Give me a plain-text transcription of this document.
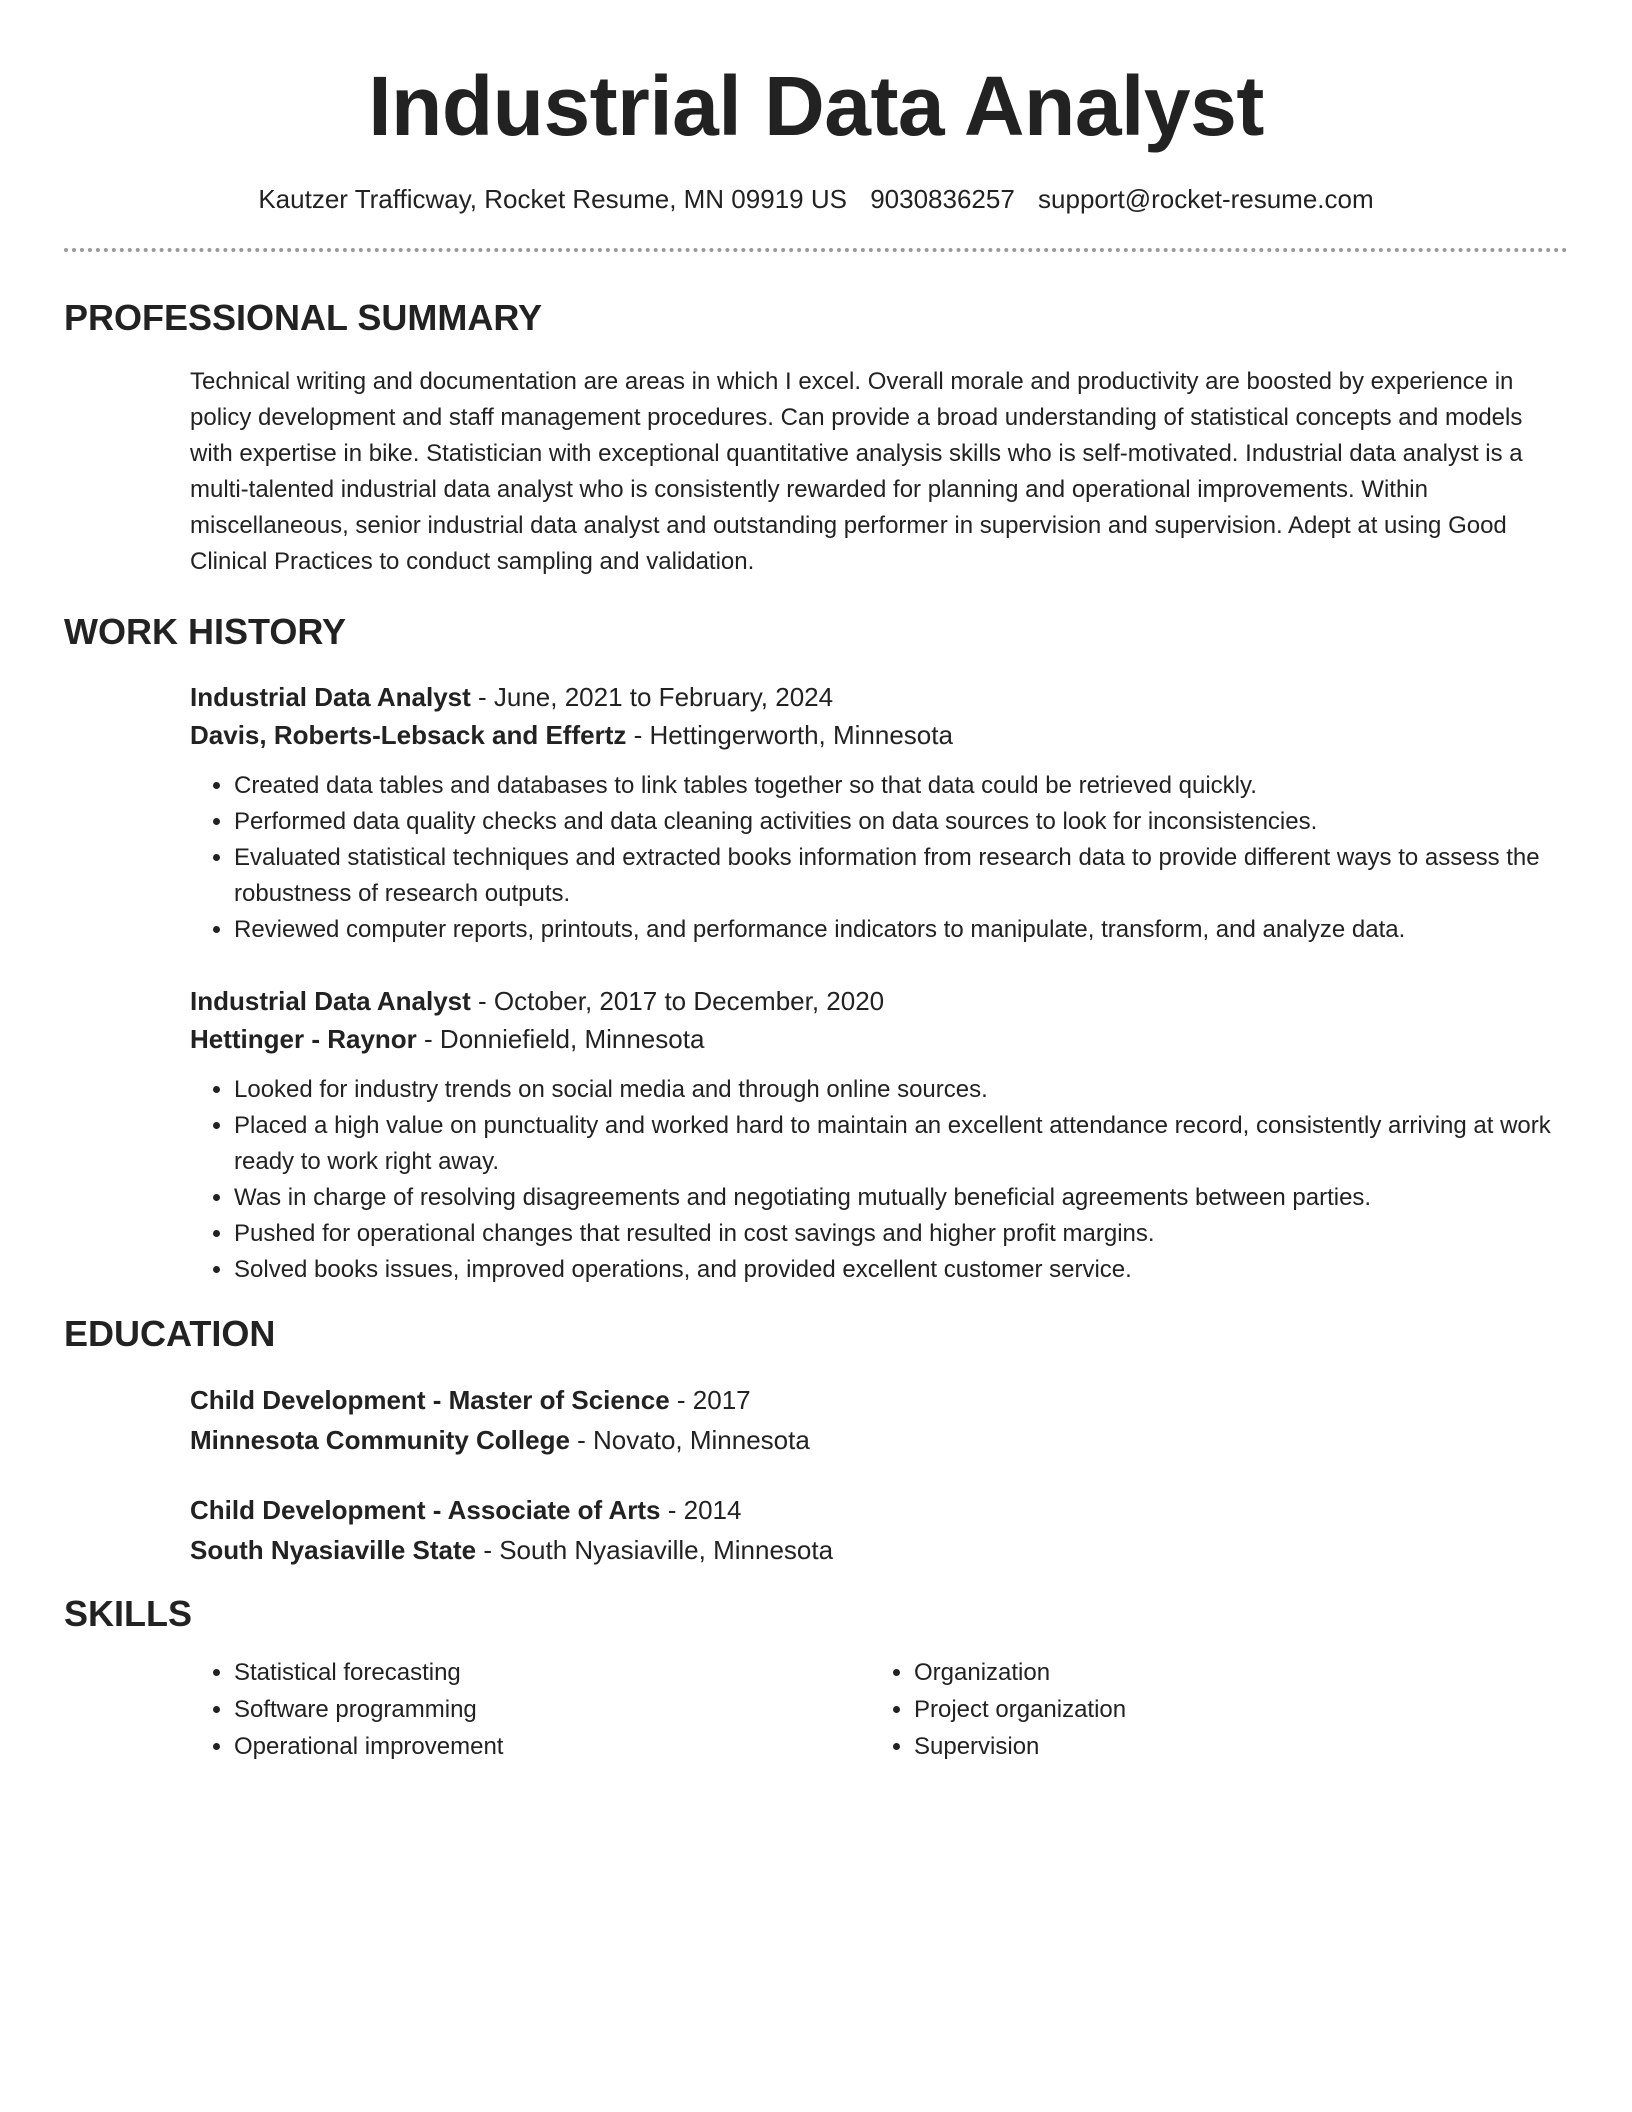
Industrial Data Analyst
Kautzer Trafficway, Rocket Resume, MN 09919 US 9030836257 support@rocket-resume.com
PROFESSIONAL SUMMARY
Technical writing and documentation are areas in which I excel. Overall morale and productivity are boosted by experience in policy development and staff management procedures. Can provide a broad understanding of statistical concepts and models with expertise in bike. Statistician with exceptional quantitative analysis skills who is self-motivated. Industrial data analyst is a multi-talented industrial data analyst who is consistently rewarded for planning and operational improvements. Within miscellaneous, senior industrial data analyst and outstanding performer in supervision and supervision. Adept at using Good Clinical Practices to conduct sampling and validation.
WORK HISTORY
Industrial Data Analyst - June, 2021 to February, 2024
Davis, Roberts-Lebsack and Effertz - Hettingerworth, Minnesota
• Created data tables and databases to link tables together so that data could be retrieved quickly.
• Performed data quality checks and data cleaning activities on data sources to look for inconsistencies.
• Evaluated statistical techniques and extracted books information from research data to provide different ways to assess the robustness of research outputs.
• Reviewed computer reports, printouts, and performance indicators to manipulate, transform, and analyze data.
Industrial Data Analyst - October, 2017 to December, 2020
Hettinger - Raynor - Donniefield, Minnesota
• Looked for industry trends on social media and through online sources.
• Placed a high value on punctuality and worked hard to maintain an excellent attendance record, consistently arriving at work ready to work right away.
• Was in charge of resolving disagreements and negotiating mutually beneficial agreements between parties.
• Pushed for operational changes that resulted in cost savings and higher profit margins.
• Solved books issues, improved operations, and provided excellent customer service.
EDUCATION
Child Development - Master of Science - 2017
Minnesota Community College - Novato, Minnesota
Child Development - Associate of Arts - 2014
South Nyasiaville State - South Nyasiaville, Minnesota
SKILLS
• Statistical forecasting
• Software programming
• Operational improvement
• Organization
• Project organization
• Supervision
